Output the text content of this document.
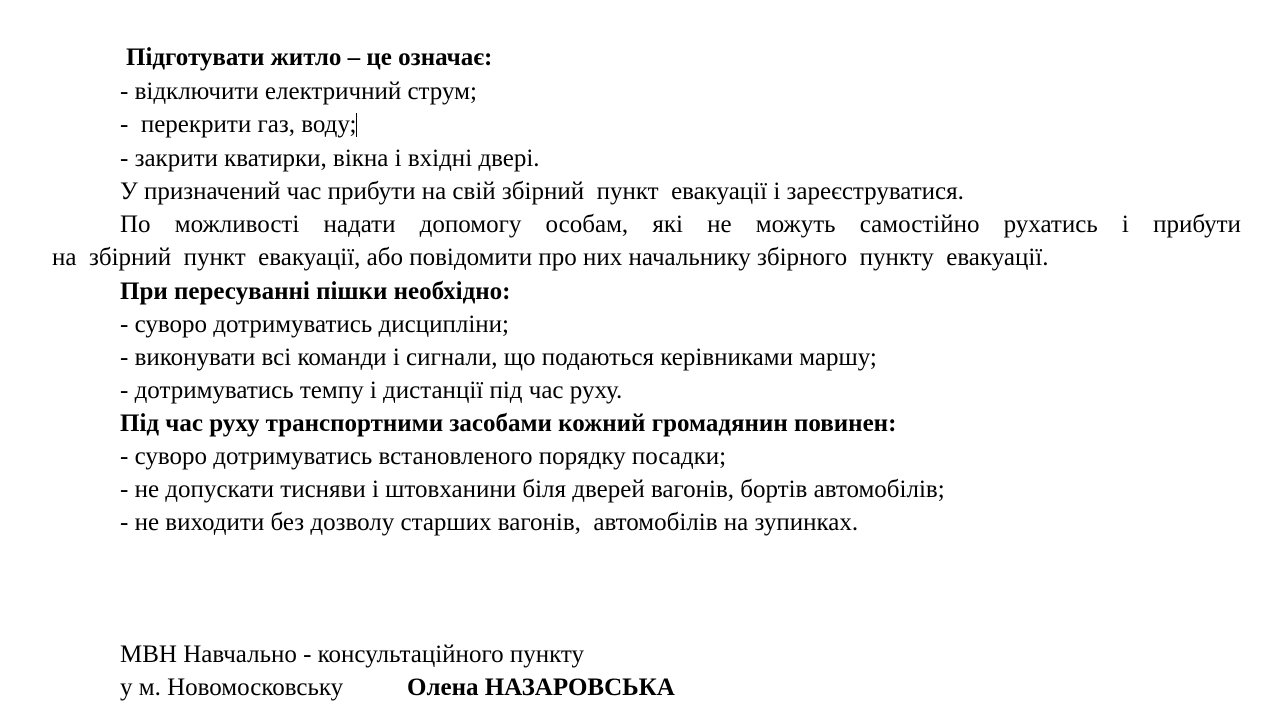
Підготувати житло – це означає:

- відключити електричний струм;

-  перекрити газ, воду;

- закрити кватирки, вікна і вхідні двері.

У призначений час прибути на свій збірний  пункт  евакуації і зареєструватися.

По можливості надати допомогу особам, які не можуть самостійно рухатись і прибути

на  збірний  пункт  евакуації, або повідомити про них начальнику збірного  пункту  евакуації.

При пересуванні пішки необхідно:

- суворо дотримуватись дисципліни;

- виконувати всі команди і сигнали, що подаються керівниками маршу;

- дотримуватись темпу і дистанції під час руху.

Під час руху транспортними засобами кожний громадянин повинен:

- суворо дотримуватись встановленого порядку посадки;

- не допускати тисняви і штовханини біля дверей вагонів, бортів автомобілів;

- не виходити без дозволу старших вагонів,  автомобілів на зупинках.

МВН Навчально - консультаційного пункту

у м. Новомосковську	Олена НАЗАРОВСЬКА
